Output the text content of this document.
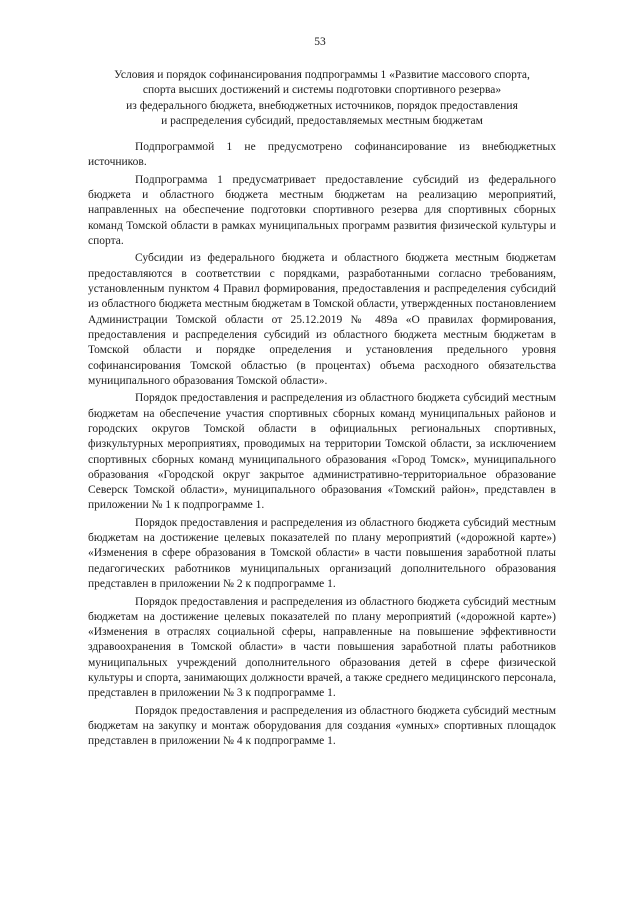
53
Условия и порядок софинансирования подпрограммы 1 «Развитие массового спорта,
спорта высших достижений и системы подготовки спортивного резерва»
из федерального бюджета, внебюджетных источников, порядок предоставления
и распределения субсидий, предоставляемых местным бюджетам

Подпрограммой 1 не предусмотрено софинансирование из внебюджетных источников.

Подпрограмма 1 предусматривает предоставление субсидий из федерального бюджета и областного бюджета местным бюджетам на реализацию мероприятий, направленных на обеспечение подготовки спортивного резерва для спортивных сборных команд Томской области в рамках муниципальных программ развития физической культуры и спорта.

Субсидии из федерального бюджета и областного бюджета местным бюджетам предоставляются в соответствии с порядками, разработанными согласно требованиям, установленным пунктом 4 Правил формирования, предоставления и распределения субсидий из областного бюджета местным бюджетам в Томской области, утвержденных постановлением Администрации Томской области от 25.12.2019 № 489а «О правилах формирования, предоставления и распределения субсидий из областного бюджета местным бюджетам в Томской области и порядке определения и установления предельного уровня софинансирования Томской областью (в процентах) объема расходного обязательства муниципального образования Томской области».

Порядок предоставления и распределения из областного бюджета субсидий местным бюджетам на обеспечение участия спортивных сборных команд муниципальных районов и городских округов Томской области в официальных региональных спортивных, физкультурных мероприятиях, проводимых на территории Томской области, за исключением спортивных сборных команд муниципального образования «Город Томск», муниципального образования «Городской округ закрытое административно-территориальное образование Северск Томской области», муниципального образования «Томский район», представлен в приложении № 1 к подпрограмме 1.

Порядок предоставления и распределения из областного бюджета субсидий местным бюджетам на достижение целевых показателей по плану мероприятий («дорожной карте») «Изменения в сфере образования в Томской области» в части повышения заработной платы педагогических работников муниципальных организаций дополнительного образования представлен в приложении № 2 к подпрограмме 1.

Порядок предоставления и распределения из областного бюджета субсидий местным бюджетам на достижение целевых показателей по плану мероприятий («дорожной карте») «Изменения в отраслях социальной сферы, направленные на повышение эффективности здравоохранения в Томской области» в части повышения заработной платы работников муниципальных учреждений дополнительного образования детей в сфере физической культуры и спорта, занимающих должности врачей, а также среднего медицинского персонала, представлен в приложении № 3 к подпрограмме 1.

Порядок предоставления и распределения из областного бюджета субсидий местным бюджетам на закупку и монтаж оборудования для создания «умных» спортивных площадок представлен в приложении № 4 к подпрограмме 1.
